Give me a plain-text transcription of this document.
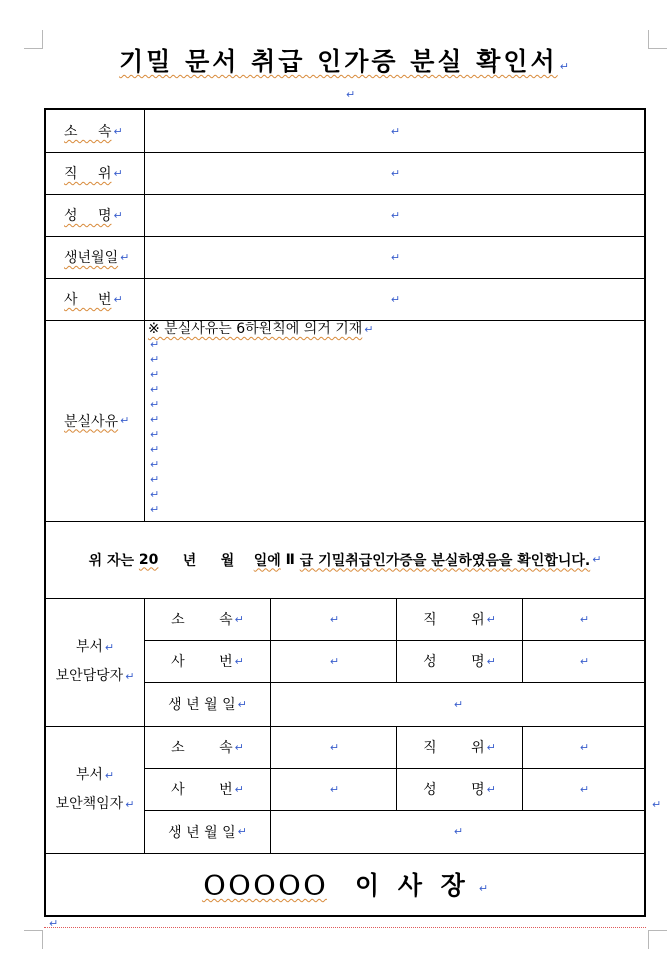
기밀 문서 취급 인가증 분실 확인서 ↵
↵
소 속 ↵	↵
직 위 ↵	↵
성 명 ↵	↵
생년월일 ↵	↵
사 번 ↵	↵
분실사유 ↵
※ 분실사유는 6하원칙에 의거 기재 ↵
↵
↵
↵
↵
↵
↵
↵
↵
↵
↵
↵
↵
위 자는
20
년
월
일에
Ⅱ
급 기밀취급인가증을 분실하였음을 확인합니다. ↵
부서 ↵
보안담당자 ↵
소 속 ↵	↵	직 위 ↵	↵
사 번 ↵	↵	성 명 ↵	↵
생 년 월 일 ↵	↵
부서 ↵
보안책임자 ↵
소 속 ↵	↵	직 위 ↵	↵
사 번 ↵	↵	성 명 ↵	↵
생 년 월 일 ↵	↵
ＯＯＯＯＯ 이 사 장 ↵
↵
↵
